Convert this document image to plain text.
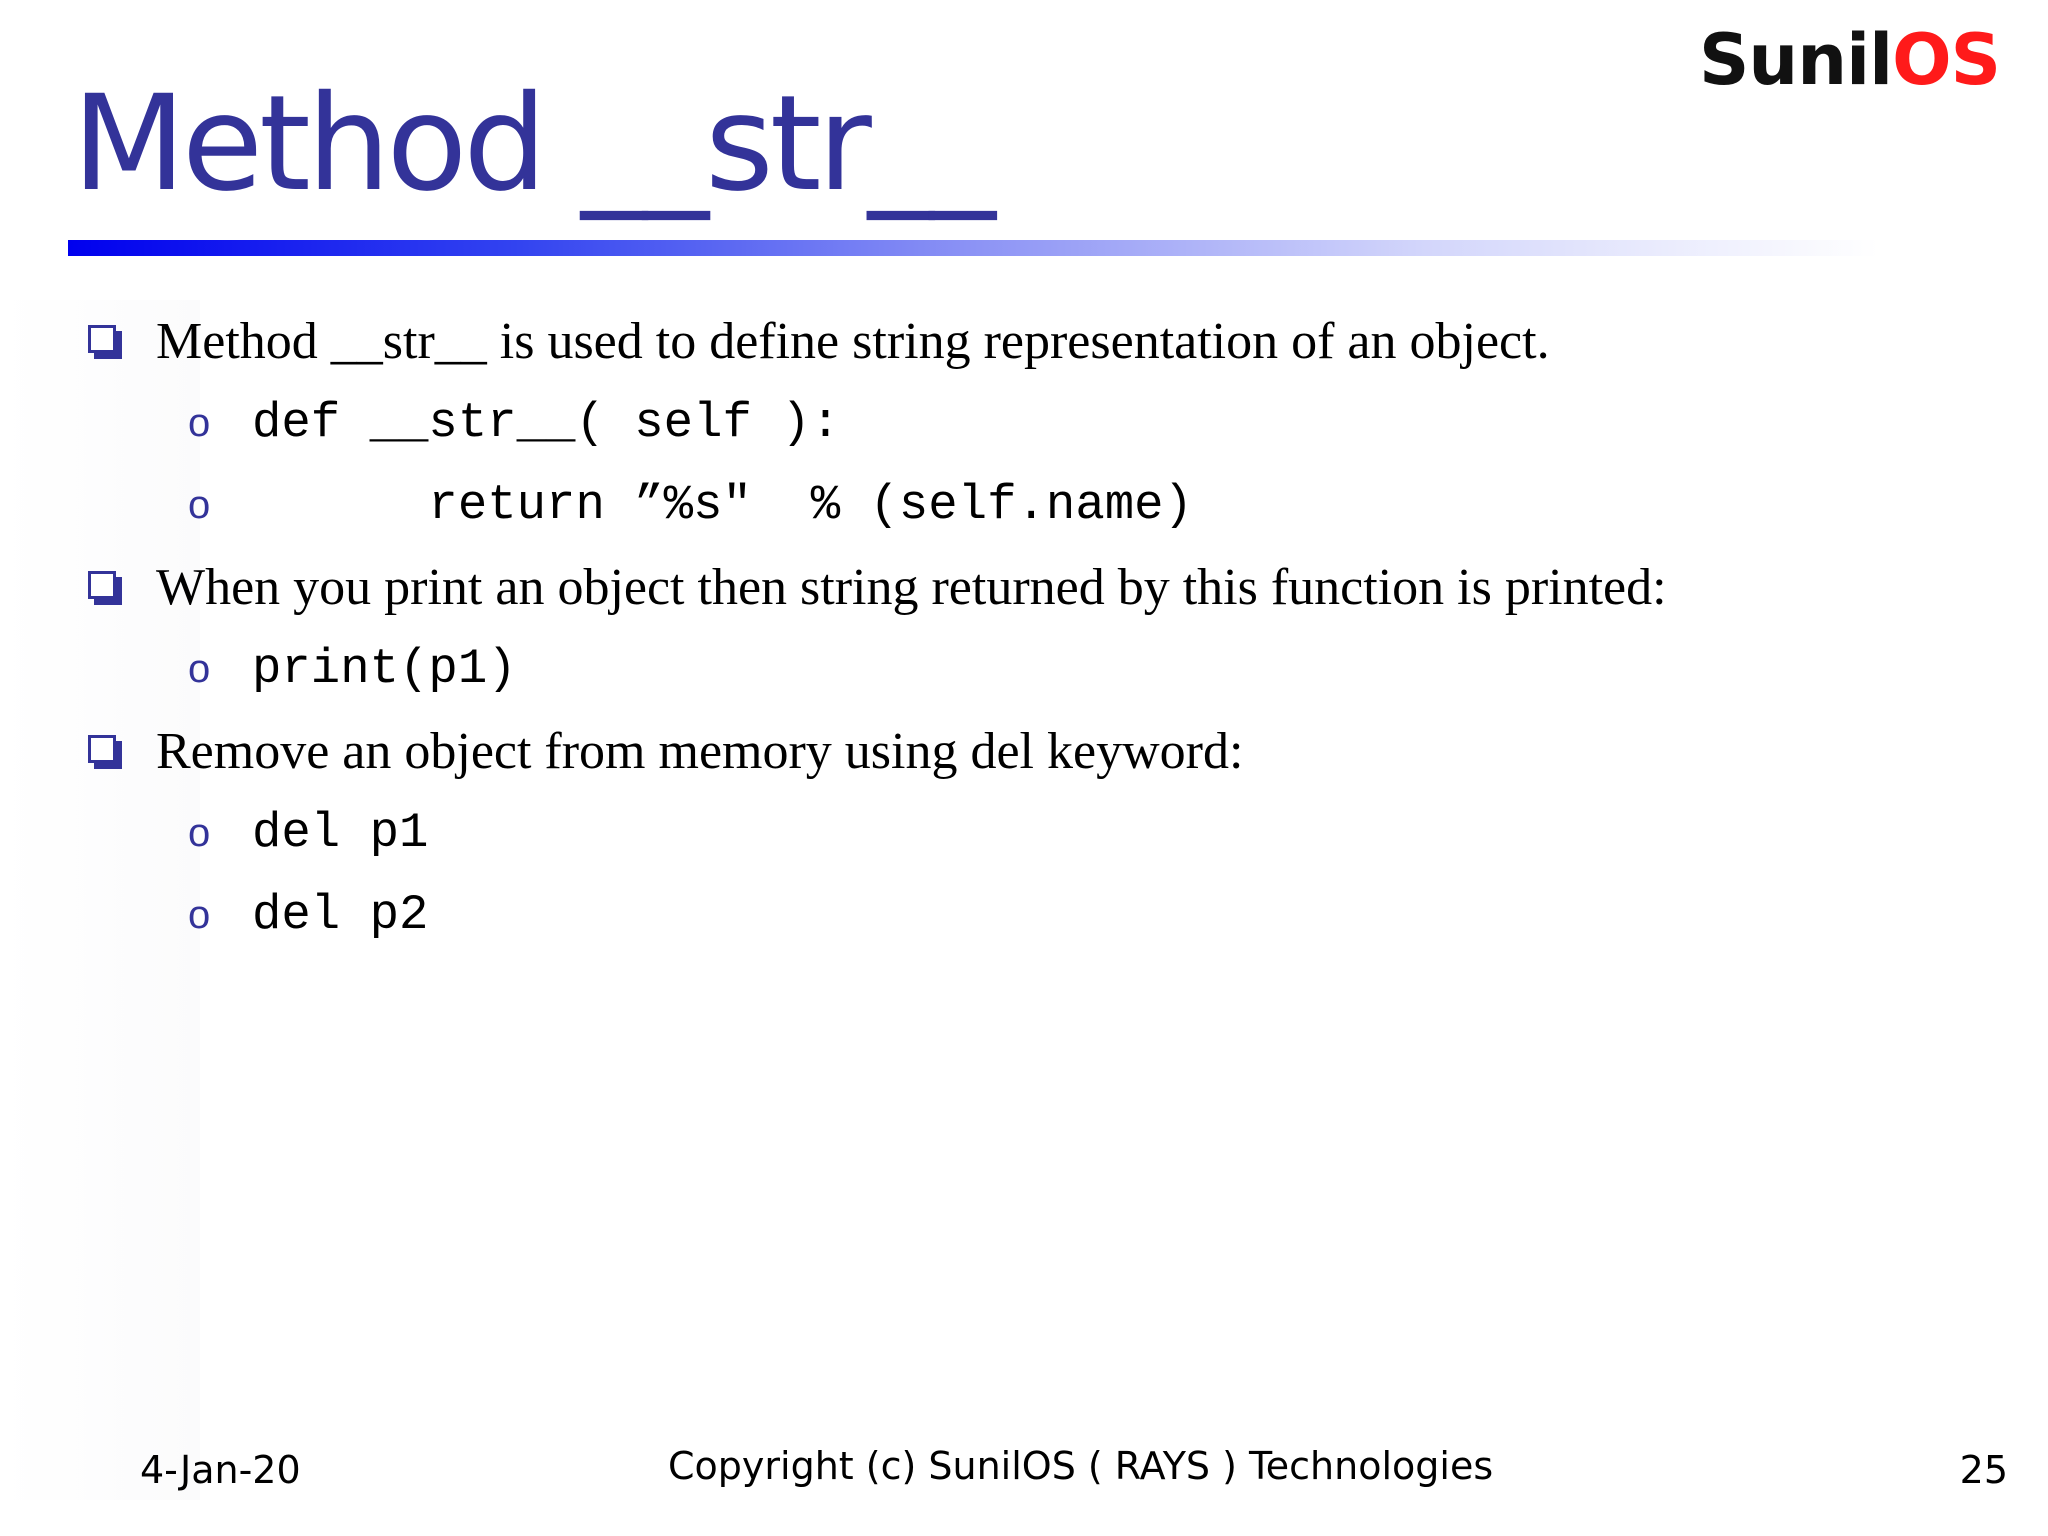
SunilOS
Method __str__
Method __str__ is used to define string representation of an object.
o def __str__( self ):
o return ”%s"  % (self.name)
When you print an object then string returned by this function is printed:
o print(p1)
Remove an object from memory using del keyword:
o del p1
o del p2
4-Jan-20	Copyright (c) SunilOS ( RAYS ) Technologies	25
